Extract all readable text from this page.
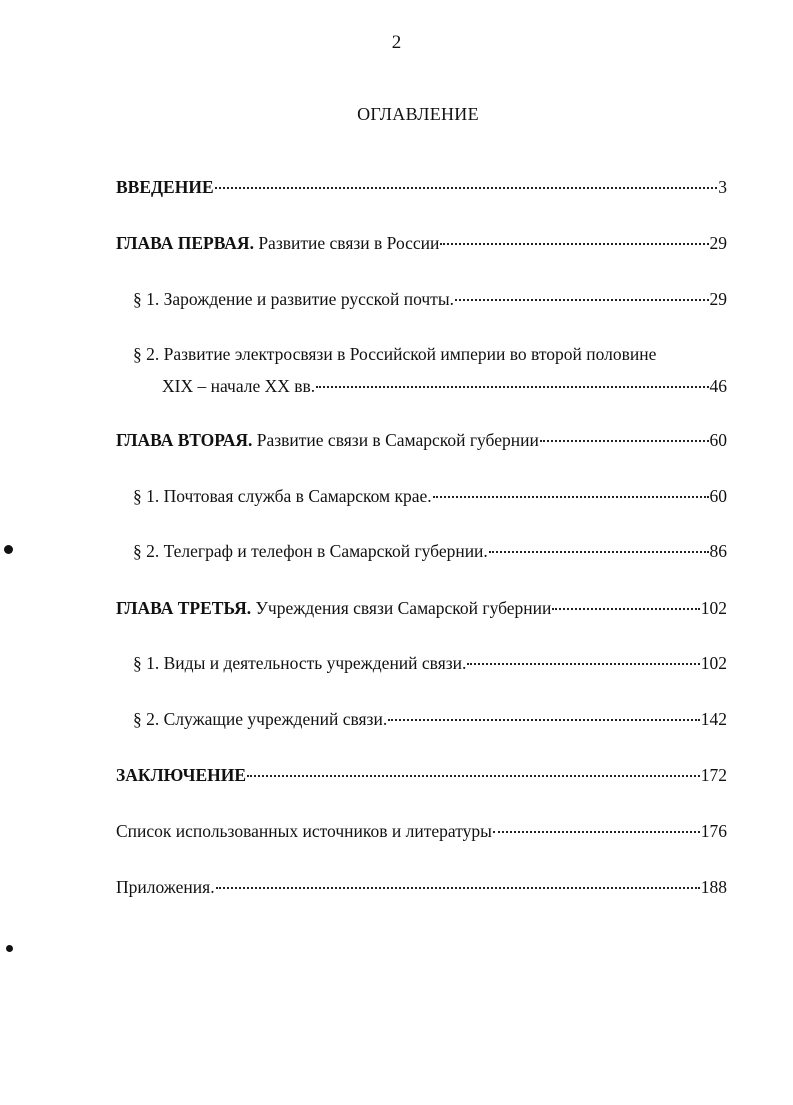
2
ОГЛАВЛЕНИЕ
ВВЕДЕНИЕ	3
ГЛАВА ПЕРВАЯ. Развитие связи в России	29
§ 1. Зарождение и развитие русской почты.	29
§ 2. Развитие электросвязи в Российской империи во второй половине
XIX – начале XX вв.	46
ГЛАВА ВТОРАЯ. Развитие связи в Самарской губернии	60
§ 1. Почтовая служба в Самарском крае.	60
§ 2. Телеграф и телефон в Самарской губернии.	86
ГЛАВА ТРЕТЬЯ. Учреждения связи Самарской губернии	102
§ 1. Виды и деятельность учреждений связи.	102
§ 2. Служащие учреждений связи.	142
ЗАКЛЮЧЕНИЕ	172
Список использованных источников и литературы	176
Приложения.	188
